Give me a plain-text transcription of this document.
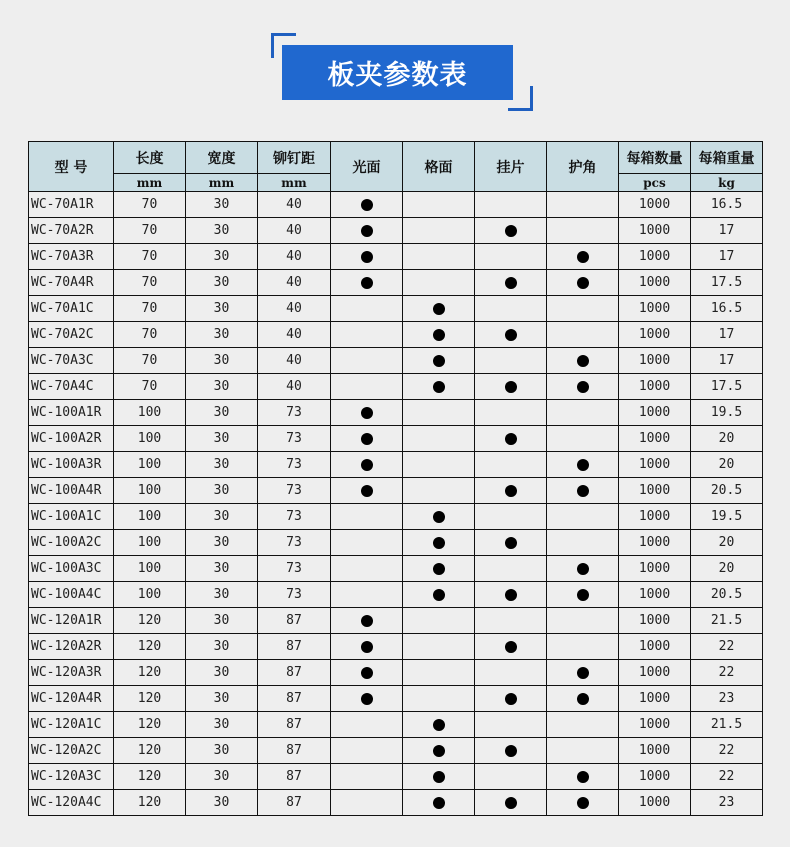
板夹参数表
型 号	长度	宽度	铆钉距	光面	格面	挂片	护角	每箱数量	每箱重量
	mm	mm	mm					pcs	kg
WC-70A1R	70	30	40					1000	16.5
WC-70A2R	70	30	40					1000	17
WC-70A3R	70	30	40					1000	17
WC-70A4R	70	30	40					1000	17.5
WC-70A1C	70	30	40					1000	16.5
WC-70A2C	70	30	40					1000	17
WC-70A3C	70	30	40					1000	17
WC-70A4C	70	30	40					1000	17.5
WC-100A1R	100	30	73					1000	19.5
WC-100A2R	100	30	73					1000	20
WC-100A3R	100	30	73					1000	20
WC-100A4R	100	30	73					1000	20.5
WC-100A1C	100	30	73					1000	19.5
WC-100A2C	100	30	73					1000	20
WC-100A3C	100	30	73					1000	20
WC-100A4C	100	30	73					1000	20.5
WC-120A1R	120	30	87					1000	21.5
WC-120A2R	120	30	87					1000	22
WC-120A3R	120	30	87					1000	22
WC-120A4R	120	30	87					1000	23
WC-120A1C	120	30	87					1000	21.5
WC-120A2C	120	30	87					1000	22
WC-120A3C	120	30	87					1000	22
WC-120A4C	120	30	87					1000	23
